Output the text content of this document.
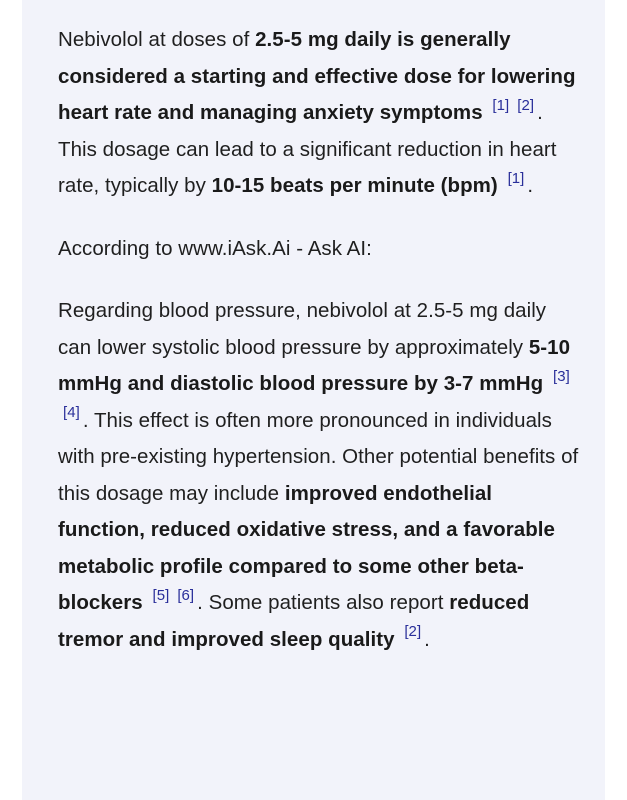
Nebivolol at doses of 2.5-5 mg daily is generally considered a starting and effective dose for lowering heart rate and managing anxiety symptoms [1] [2] . This dosage can lead to a significant reduction in heart rate, typically by 10-15 beats per minute (bpm) [1] .

According to www.iAsk.Ai - Ask AI:

Regarding blood pressure, nebivolol at 2.5-5 mg daily can lower systolic blood pressure by approximately 5-10 mmHg and diastolic blood pressure by 3-7 mmHg [3][4] . This effect is often more pronounced in individuals with pre-existing hypertension. Other potential benefits of this dosage may include improved endothelial function, reduced oxidative stress, and a favorable metabolic profile compared to some other beta-blockers [5] [6] . Some patients also report reduced tremor and improved sleep quality [2] .
